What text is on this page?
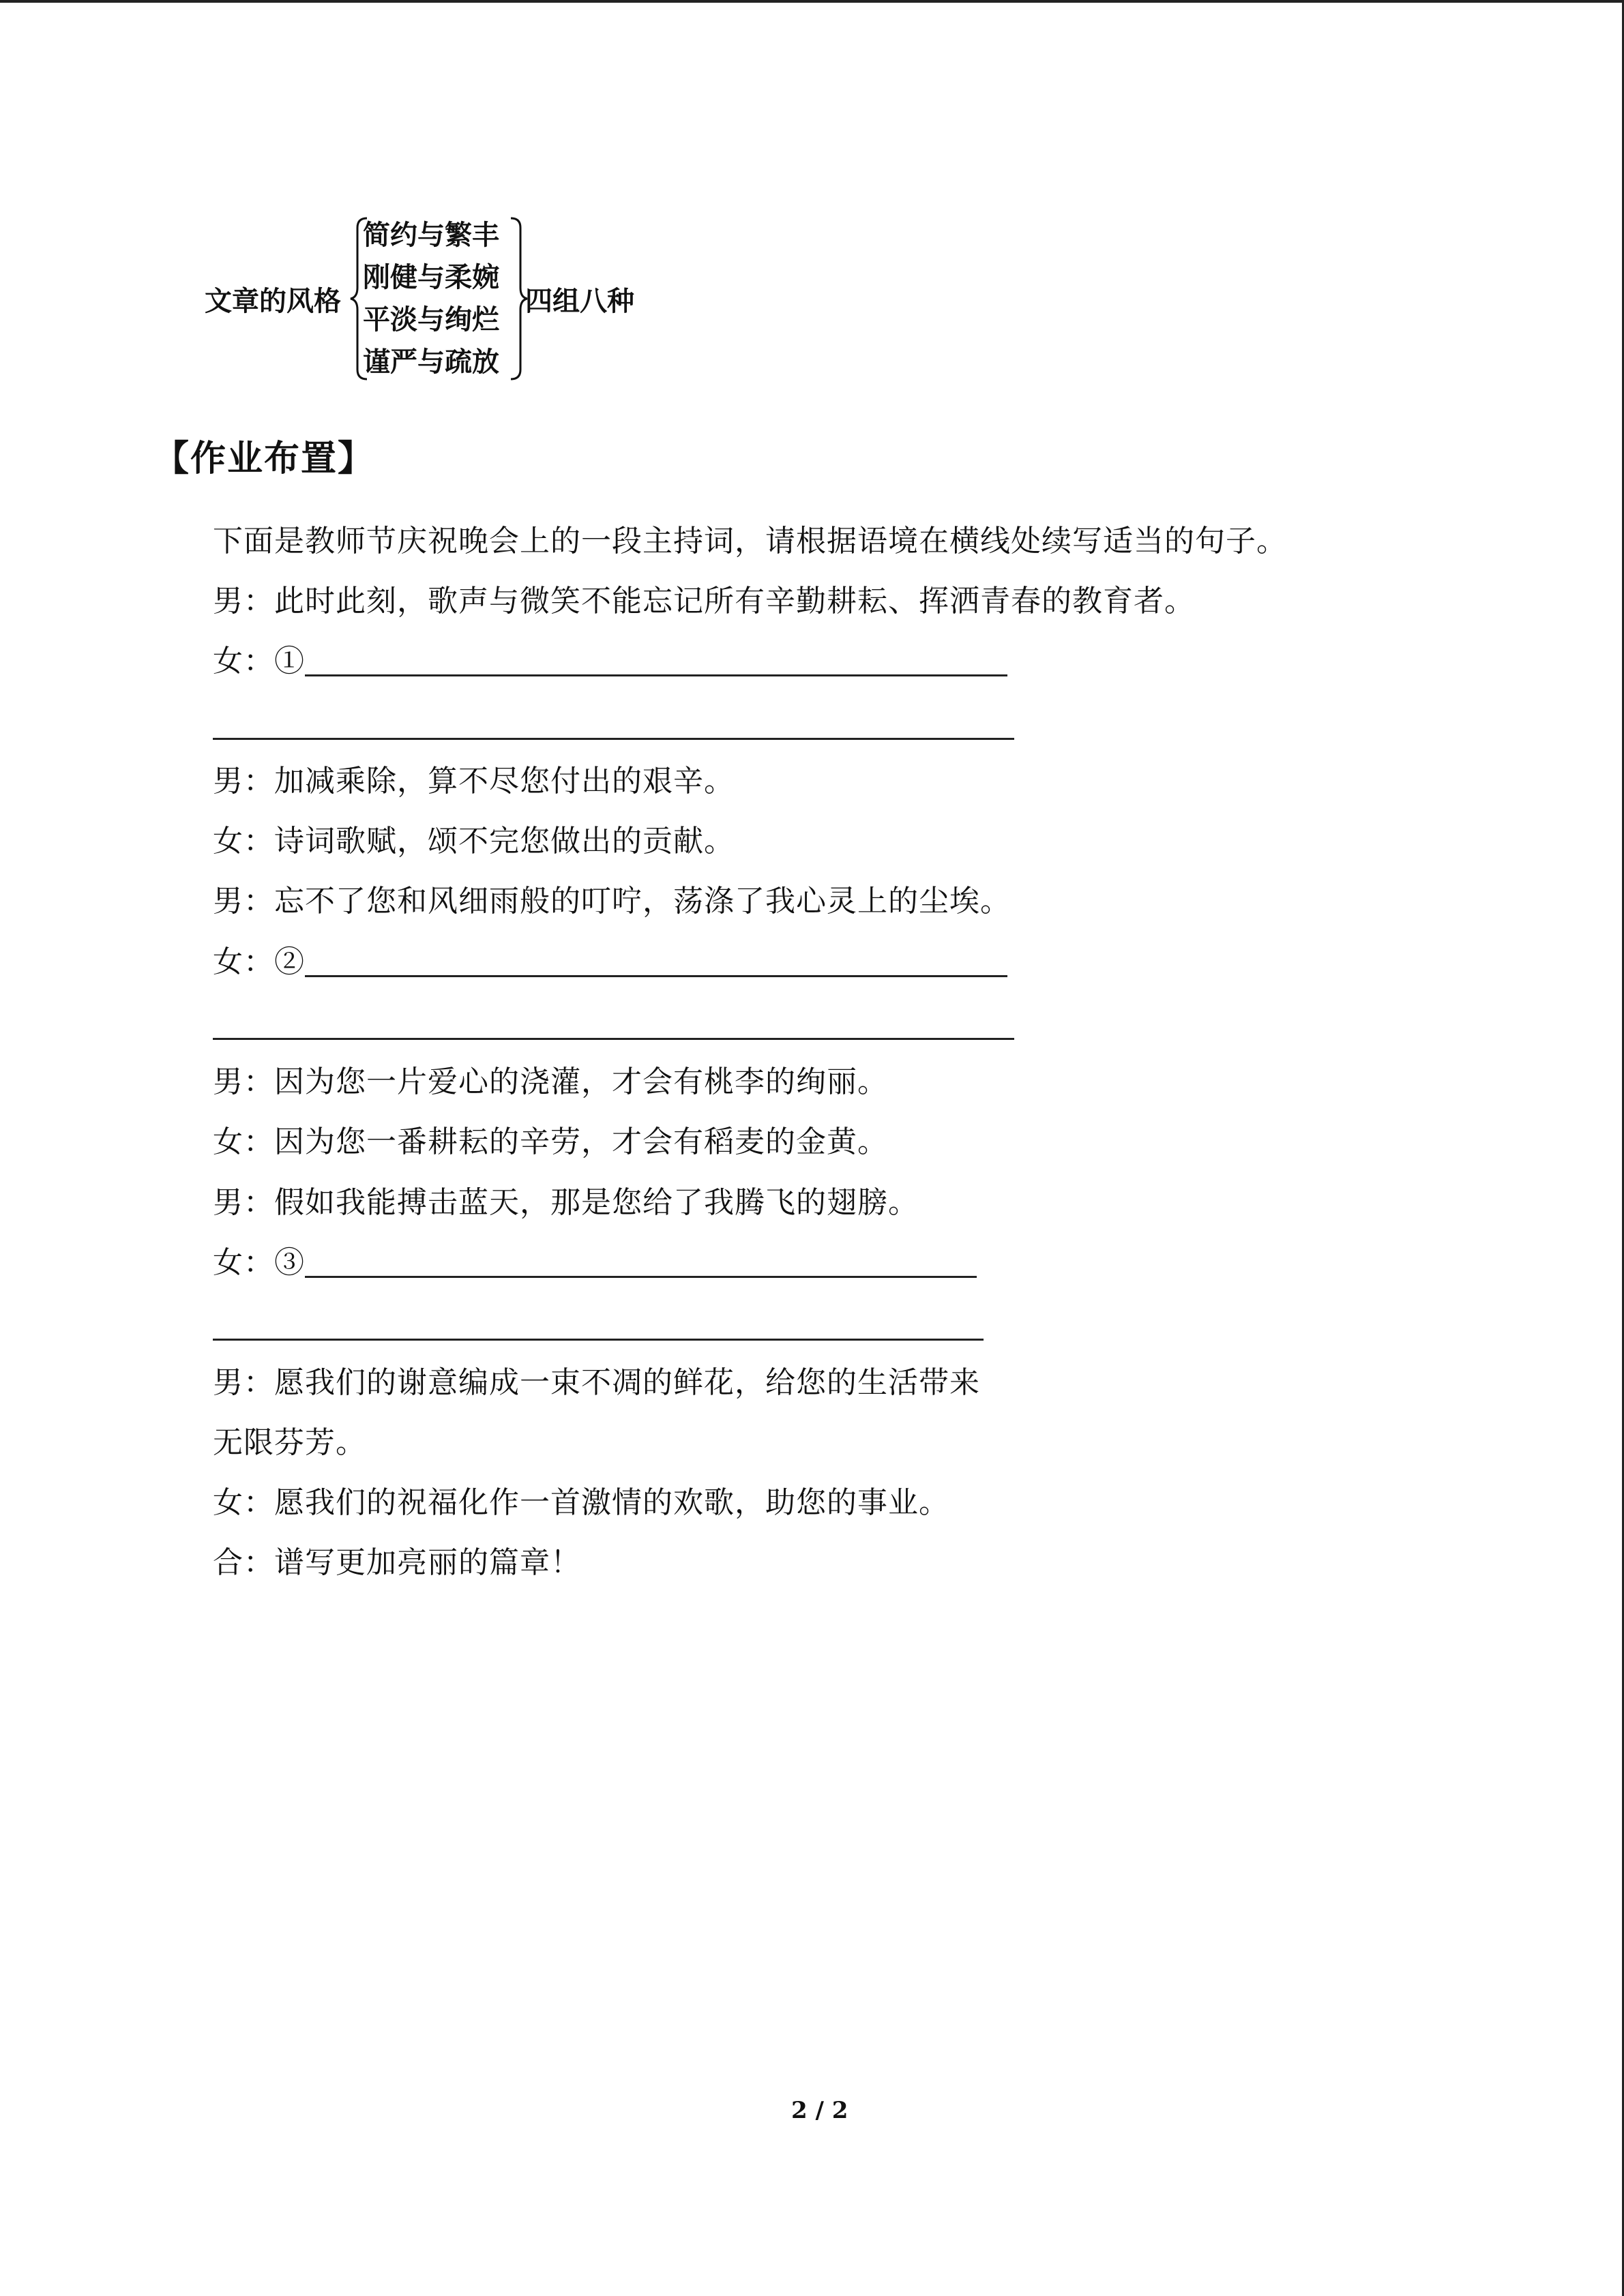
文章的风格
简约与繁丰
刚健与柔婉
平淡与绚烂
谨严与疏放
四组八种
【作业布置】
下面是教师节庆祝晚会上的一段主持词，请根据语境在横线处续写适当的句子。
男：此时此刻，歌声与微笑不能忘记所有辛勤耕耘、挥洒青春的教育者。
女：①
男：加减乘除，算不尽您付出的艰辛。
女：诗词歌赋，颂不完您做出的贡献。
男：忘不了您和风细雨般的叮咛，荡涤了我心灵上的尘埃。
女：②
男：因为您一片爱心的浇灌，才会有桃李的绚丽。
女：因为您一番耕耘的辛劳，才会有稻麦的金黄。
男：假如我能搏击蓝天，那是您给了我腾飞的翅膀。
女：③
男：愿我们的谢意编成一束不凋的鲜花，给您的生活带来
无限芬芳。
女：愿我们的祝福化作一首激情的欢歌，助您的事业。
合：谱写更加亮丽的篇章！
2 / 2
